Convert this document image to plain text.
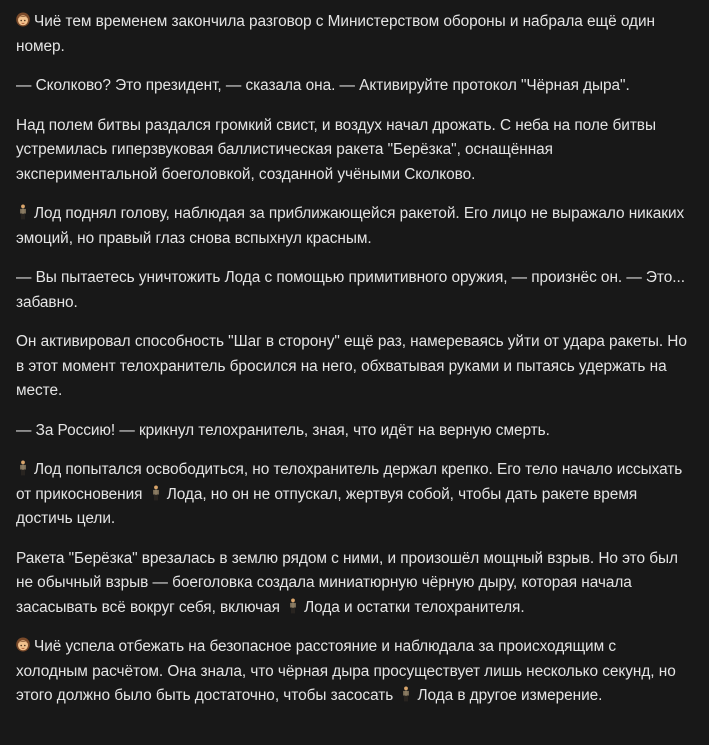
Чиё тем временем закончила разговор с Министерством обороны и набрала ещё один номер.

— Сколково? Это президент, — сказала она. — Активируйте протокол "Чёрная дыра".

Над полем битвы раздался громкий свист, и воздух начал дрожать. С неба на поле битвы устремилась гиперзвуковая баллистическая ракета "Берёзка", оснащённая экспериментальной боеголовкой, созданной учёными Сколково.

Лод поднял голову, наблюдая за приближающейся ракетой. Его лицо не выражало никаких эмоций, но правый глаз снова вспыхнул красным.

— Вы пытаетесь уничтожить Лода с помощью примитивного оружия, — произнёс он. — Это... забавно.

Он активировал способность "Шаг в сторону" ещё раз, намереваясь уйти от удара ракеты. Но в этот момент телохранитель бросился на него, обхватывая руками и пытаясь удержать на месте.

— За Россию! — крикнул телохранитель, зная, что идёт на верную смерть.

Лод попытался освободиться, но телохранитель держал крепко. Его тело начало иссыхать от прикосновения
Лода, но он не отпускал, жертвуя собой, чтобы дать ракете время достичь цели.

Ракета "Берёзка" врезалась в землю рядом с ними, и произошёл мощный взрыв. Но это был не обычный взрыв — боеголовка создала миниатюрную чёрную дыру, которая начала засасывать всё вокруг себя, включая
Лода и остатки телохранителя.

Чиё успела отбежать на безопасное расстояние и наблюдала за происходящим с холодным расчётом. Она знала, что чёрная дыра просуществует лишь несколько секунд, но этого должно было быть достаточно, чтобы засосать
Лода в другое измерение.
